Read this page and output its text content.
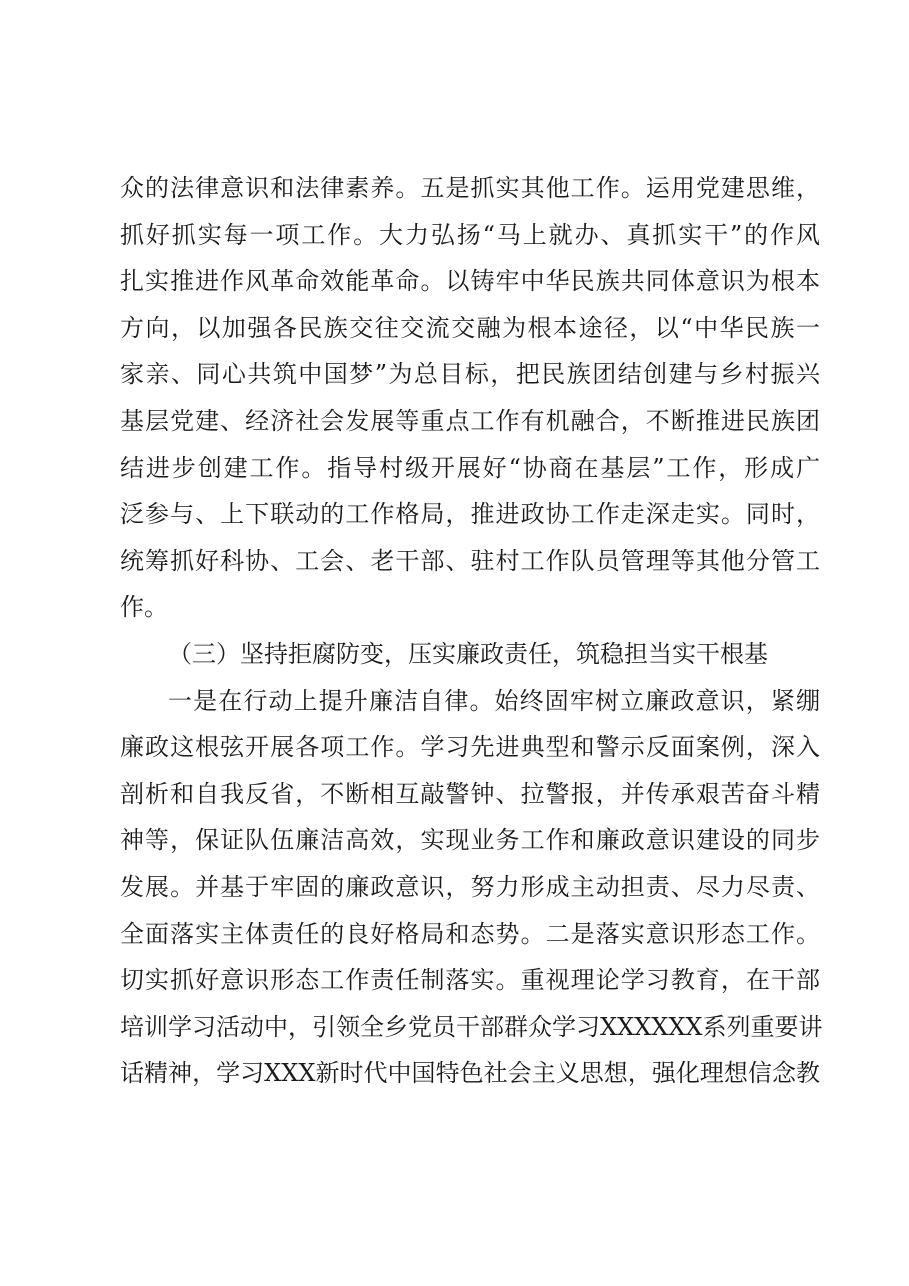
众的法律意识和法律素养。五是抓实其他工作。运用党建思维，
抓好抓实每一项工作。大力弘扬“马上就办、真抓实干”的作风
扎实推进作风革命效能革命。以铸牢中华民族共同体意识为根本
方向，以加强各民族交往交流交融为根本途径，以“中华民族一
家亲、同心共筑中国梦”为总目标，把民族团结创建与乡村振兴
基层党建、经济社会发展等重点工作有机融合，不断推进民族团
结进步创建工作。指导村级开展好“协商在基层”工作，形成广
泛参与、上下联动的工作格局，推进政协工作走深走实。同时，
统筹抓好科协、工会、老干部、驻村工作队员管理等其他分管工
作。
（三）坚持拒腐防变，压实廉政责任，筑稳担当实干根基
一是在行动上提升廉洁自律。始终固牢树立廉政意识，紧绷
廉政这根弦开展各项工作。学习先进典型和警示反面案例，深入
剖析和自我反省，不断相互敲警钟、拉警报，并传承艰苦奋斗精
神等，保证队伍廉洁高效，实现业务工作和廉政意识建设的同步
发展。并基于牢固的廉政意识，努力形成主动担责、尽力尽责、
全面落实主体责任的良好格局和态势。二是落实意识形态工作。
切实抓好意识形态工作责任制落实。重视理论学习教育，在干部
培训学习活动中，引领全乡党员干部群众学习XXXXXX系列重要讲
话精神，学习XXX新时代中国特色社会主义思想，强化理想信念教
